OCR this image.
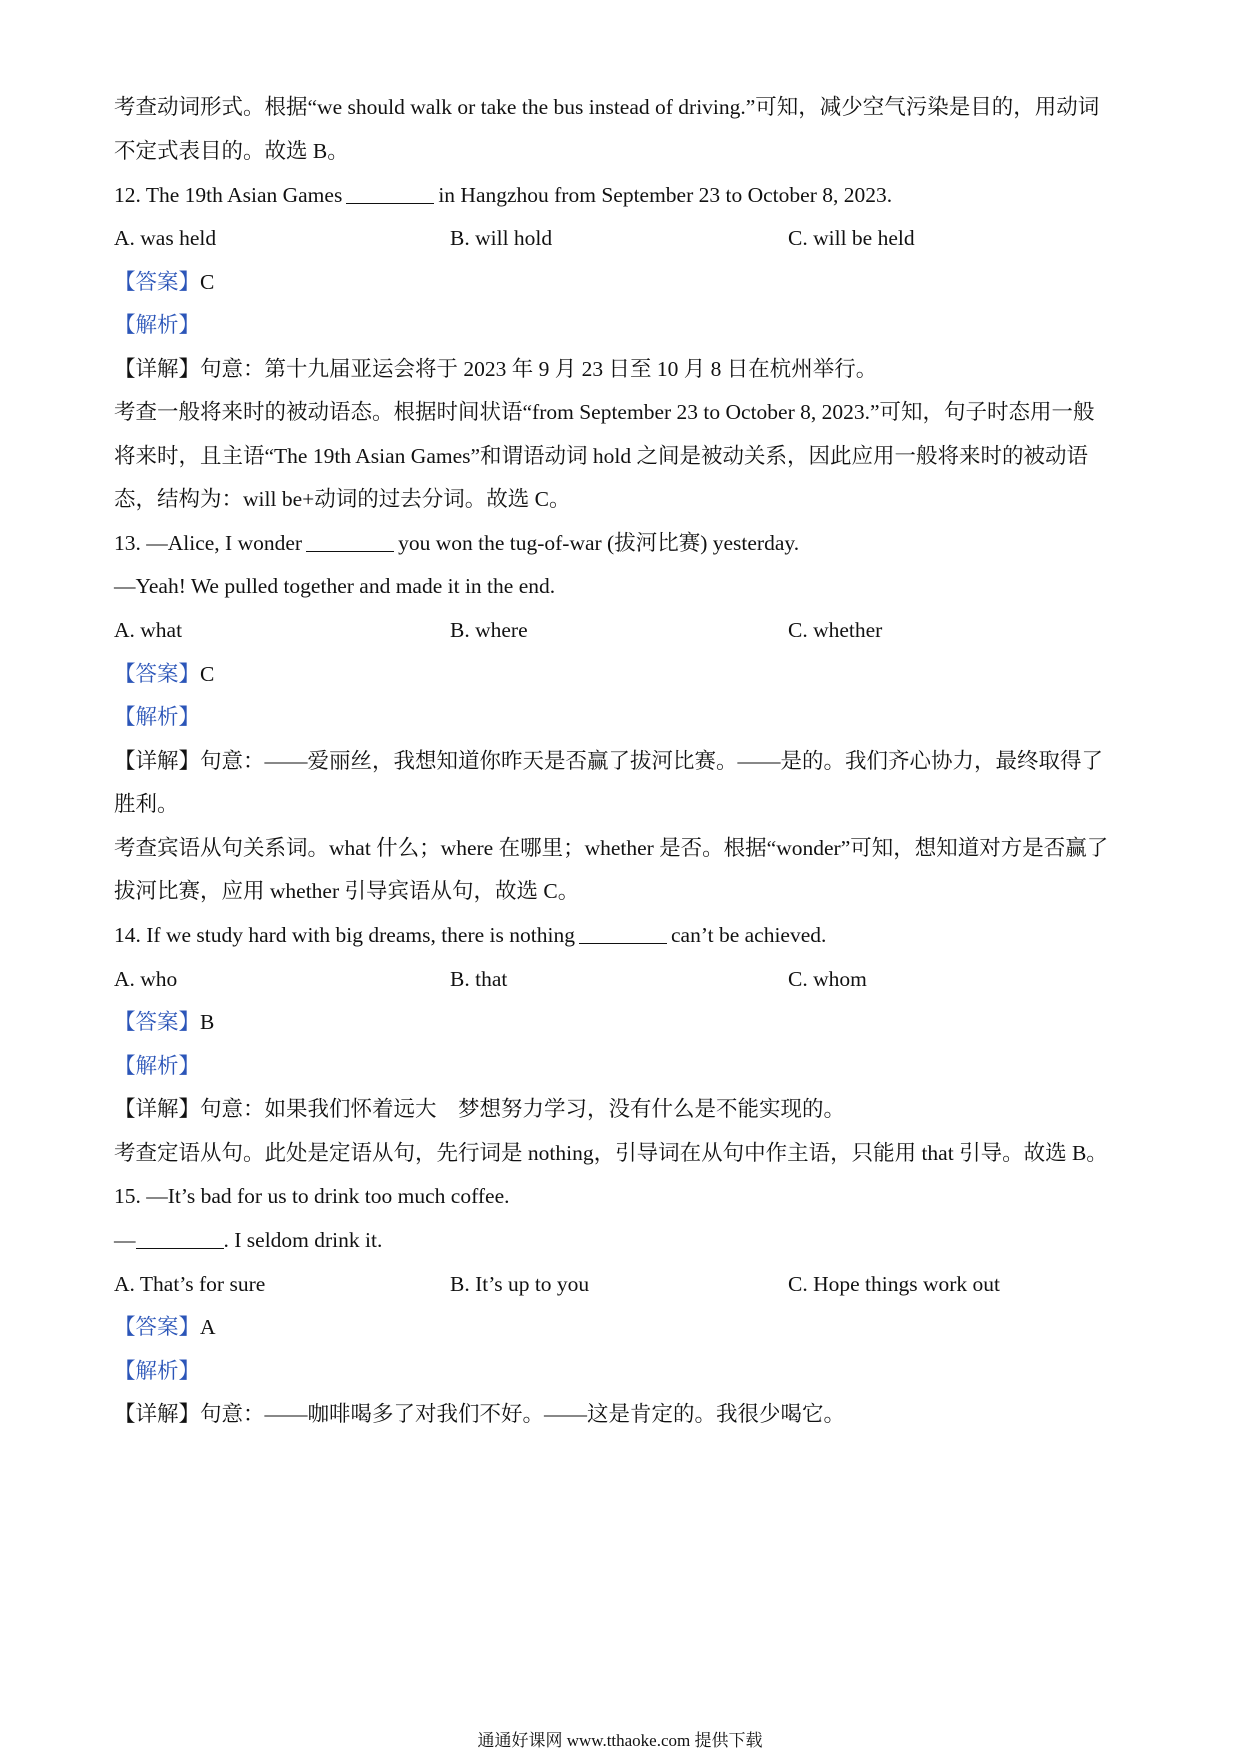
考查动词形式。根据“we should walk or take the bus instead of driving.”可知，减少空气污染是目的，用动词
不定式表目的。故选 B。
12. The 19th Asian Games	in Hangzhou from September 23 to October 8, 2023.
A. was held	B. will hold	C. will be held
【答案】C
【解析】
【详解】句意：第十九届亚运会将于 2023 年 9 月 23 日至 10 月 8 日在杭州举行。
考查一般将来时的被动语态。根据时间状语“from September 23 to October 8, 2023.”可知，句子时态用一般
将来时，且主语“The 19th Asian Games”和谓语动词 hold 之间是被动关系，因此应用一般将来时的被动语
态，结构为：will be+动词的过去分词。故选 C。
13. —Alice, I wonder	you won the tug-of-war (拔河比赛) yesterday.
—Yeah! We pulled together and made it in the end.
A. what	B. where	C. whether
【答案】C
【解析】
【详解】句意：——爱丽丝，我想知道你昨天是否赢了拔河比赛。——是的。我们齐心协力，最终取得了
胜利。
考查宾语从句关系词。what 什么；where 在哪里；whether 是否。根据“wonder”可知，想知道对方是否赢了
拔河比赛，应用 whether 引导宾语从句，故选 C。
14. If we study hard with big dreams, there is nothing	can’t be achieved.
A. who	B. that	C. whom
【答案】B
【解析】
【详解】句意：如果我们怀着远大　梦想努力学习，没有什么是不能实现的。
考查定语从句。此处是定语从句，先行词是 nothing，引导词在从句中作主语，只能用 that 引导。故选 B。
15. —It’s bad for us to drink too much coffee.
—	. I seldom drink it.
A. That’s for sure	B. It’s up to you	C. Hope things work out
【答案】A
【解析】
【详解】句意：——咖啡喝多了对我们不好。——这是肯定的。我很少喝它。
通通好课网 www.tthaoke.com 提供下载
